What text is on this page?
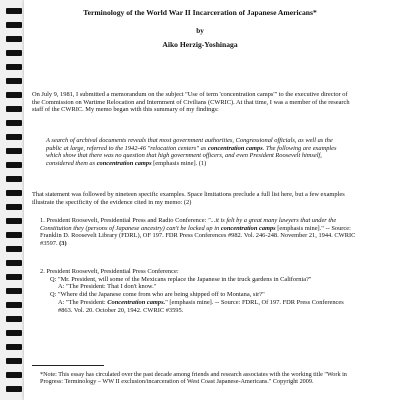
Terminology of the World War II Incarceration of Japanese Americans*
by
Aiko Herzig-Yoshinaga
On July 9, 1981, I submitted a memorandum on the subject "Use of term 'concentration camps'" to the executive director of the Commission on Wartime Relocation and Internment of Civilians (CWRIC). At that time, I was a member of the research staff of the CWRIC. My memo began with this summary of my findings:
A search of archival documents reveals that most government authorities, Congressional officials, as well as the public at large, referred to the 1942-46 "relocation centers" as concentration camps. The following are examples which show that there was no question that high government officers, and even President Roosevelt himself, considered them as concentration camps [emphasis mine]. (1)
That statement was followed by nineteen specific examples. Space limitations preclude a full list here, but a few examples illustrate the specificity of the evidence cited in my memo: (2)
1. President Roosevelt, Presidential Press and Radio Conference: "...it is felt by a great many lawyers that under the Constitution they (persons of Japanese ancestry) can't be locked up in concentration camps [emphasis mine]." -- Source: Franklin D. Roosevelt Library (FDRL), OF 197. FDR Press Conferences #982. Vol. 246-248. November 21, 1944. CWRIC #3597. (3)
2. President Roosevelt, Presidential Press Conference:
Q: "Mr. President, will some of the Mexicans replace the Japanese in the truck gardens in California?"
A: "The President: That I don't know."
Q: "Where did the Japanese come from who are being shipped off to Montana, sir?"
A: "The President: Concentration camps." [emphasis mine]. -- Source: FDRL, Of 197. FDR Press Conferences #863. Vol. 20. October 20, 1942. CWRIC #3595.
*Note: This essay has circulated over the past decade among friends and research associates with the working title "Work in Progress: Terminology – WW II exclusion/incarceration of West Coast Japanese-Americans." Copyright 2009.
